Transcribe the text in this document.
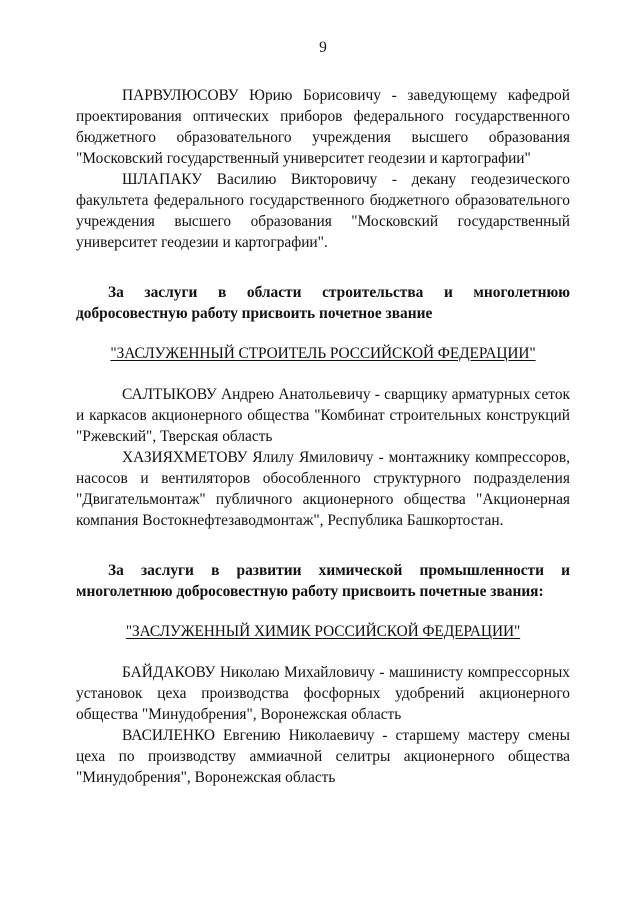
9

ПАРВУЛЮСОВУ Юрию Борисовичу - заведующему кафедрой проектирования оптических приборов федерального государственного бюджетного образовательного учреждения высшего образования "Московский государственный университет геодезии и картографии"

ШЛАПАКУ Василию Викторовичу - декану геодезического факультета федерального государственного бюджетного образовательного учреждения высшего образования "Московский государственный университет геодезии и картографии".

За заслуги в области строительства и многолетнюю добросовестную работу присвоить почетное звание

"ЗАСЛУЖЕННЫЙ СТРОИТЕЛЬ РОССИЙСКОЙ ФЕДЕРАЦИИ"

САЛТЫКОВУ Андрею Анатольевичу - сварщику арматурных сеток и каркасов акционерного общества "Комбинат строительных конструкций "Ржевский", Тверская область

ХАЗИЯХМЕТОВУ Ялилу Ямиловичу - монтажнику компрессоров, насосов и вентиляторов обособленного структурного подразделения "Двигательмонтаж" публичного акционерного общества "Акционерная компания Востокнефтезаводмонтаж", Республика Башкортостан.

За заслуги в развитии химической промышленности и многолетнюю добросовестную работу присвоить почетные звания:

"ЗАСЛУЖЕННЫЙ ХИМИК РОССИЙСКОЙ ФЕДЕРАЦИИ"

БАЙДАКОВУ Николаю Михайловичу - машинисту компрессорных установок цеха производства фосфорных удобрений акционерного общества "Минудобрения", Воронежская область

ВАСИЛЕНКО Евгению Николаевичу - старшему мастеру смены цеха по производству аммиачной селитры акционерного общества "Минудобрения", Воронежская область
